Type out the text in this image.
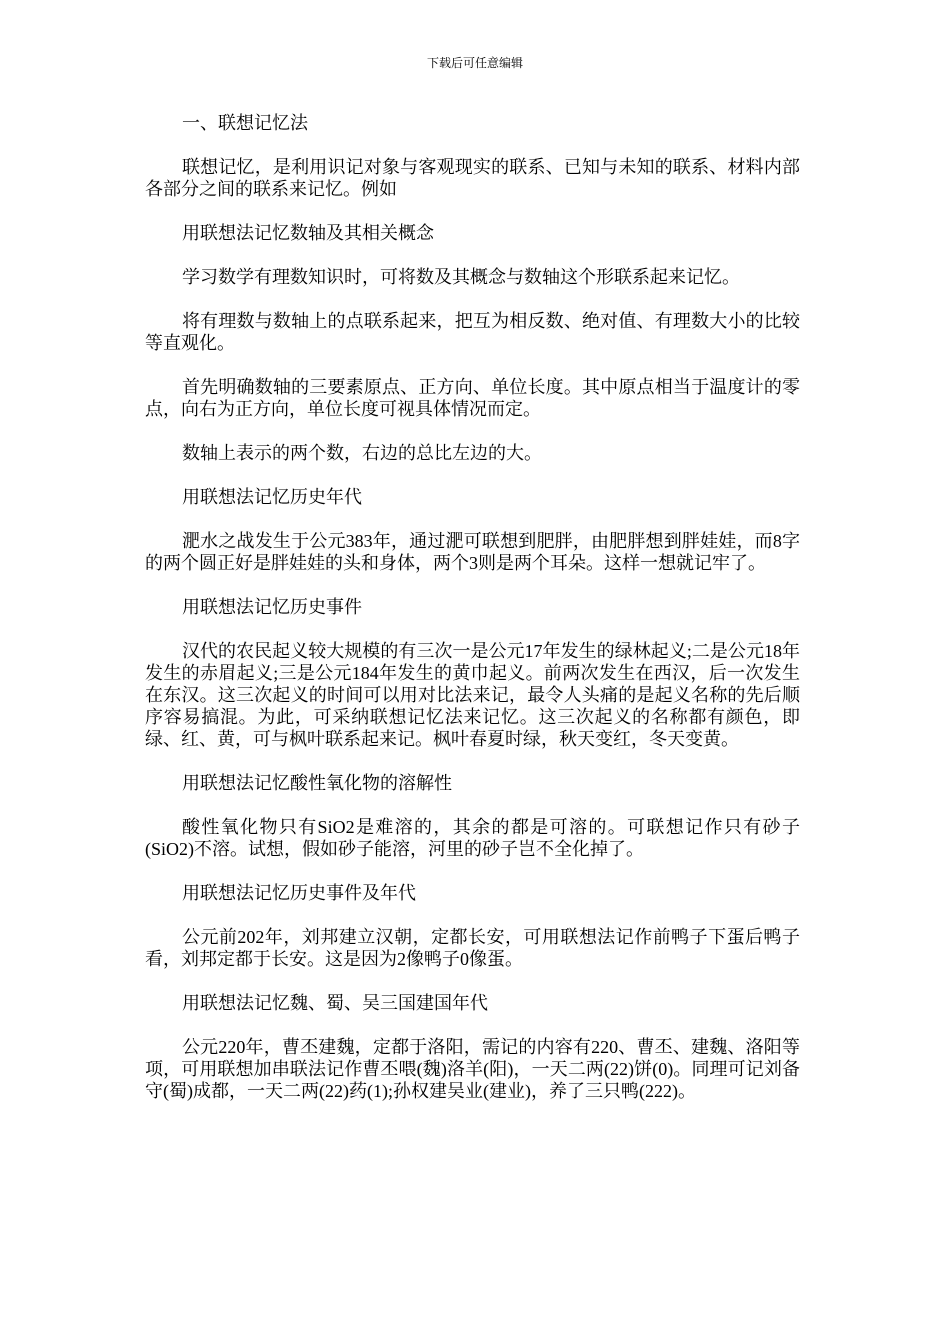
下载后可任意编辑

一、联想记忆法

联想记忆，是利用识记对象与客观现实的联系、已知与未知的联系、材料内部各部分之间的联系来记忆。例如

用联想法记忆数轴及其相关概念

学习数学有理数知识时，可将数及其概念与数轴这个形联系起来记忆。

将有理数与数轴上的点联系起来，把互为相反数、绝对值、有理数大小的比较等直观化。

首先明确数轴的三要素原点、正方向、单位长度。其中原点相当于温度计的零点，向右为正方向，单位长度可视具体情况而定。

数轴上表示的两个数，右边的总比左边的大。

用联想法记忆历史年代

淝水之战发生于公元383年，通过淝可联想到肥胖，由肥胖想到胖娃娃，而8字的两个圆正好是胖娃娃的头和身体，两个3则是两个耳朵。这样一想就记牢了。

用联想法记忆历史事件

汉代的农民起义较大规模的有三次一是公元17年发生的绿林起义;二是公元18年发生的赤眉起义;三是公元184年发生的黄巾起义。前两次发生在西汉，后一次发生在东汉。这三次起义的时间可以用对比法来记，最令人头痛的是起义名称的先后顺序容易搞混。为此，可采纳联想记忆法来记忆。这三次起义的名称都有颜色，即绿、红、黄，可与枫叶联系起来记。枫叶春夏时绿，秋天变红，冬天变黄。

用联想法记忆酸性氧化物的溶解性

酸性氧化物只有SiO2是难溶的，其余的都是可溶的。可联想记作只有砂子(SiO2)不溶。试想，假如砂子能溶，河里的砂子岂不全化掉了。

用联想法记忆历史事件及年代

公元前202年，刘邦建立汉朝，定都长安，可用联想法记作前鸭子下蛋后鸭子看，刘邦定都于长安。这是因为2像鸭子0像蛋。

用联想法记忆魏、蜀、吴三国建国年代

公元220年，曹丕建魏，定都于洛阳，需记的内容有220、曹丕、建魏、洛阳等项，可用联想加串联法记作曹丕喂(魏)洛羊(阳)，一天二两(22)饼(0)。同理可记刘备守(蜀)成都，一天二两(22)药(1);孙权建吴业(建业)，养了三只鸭(222)。
